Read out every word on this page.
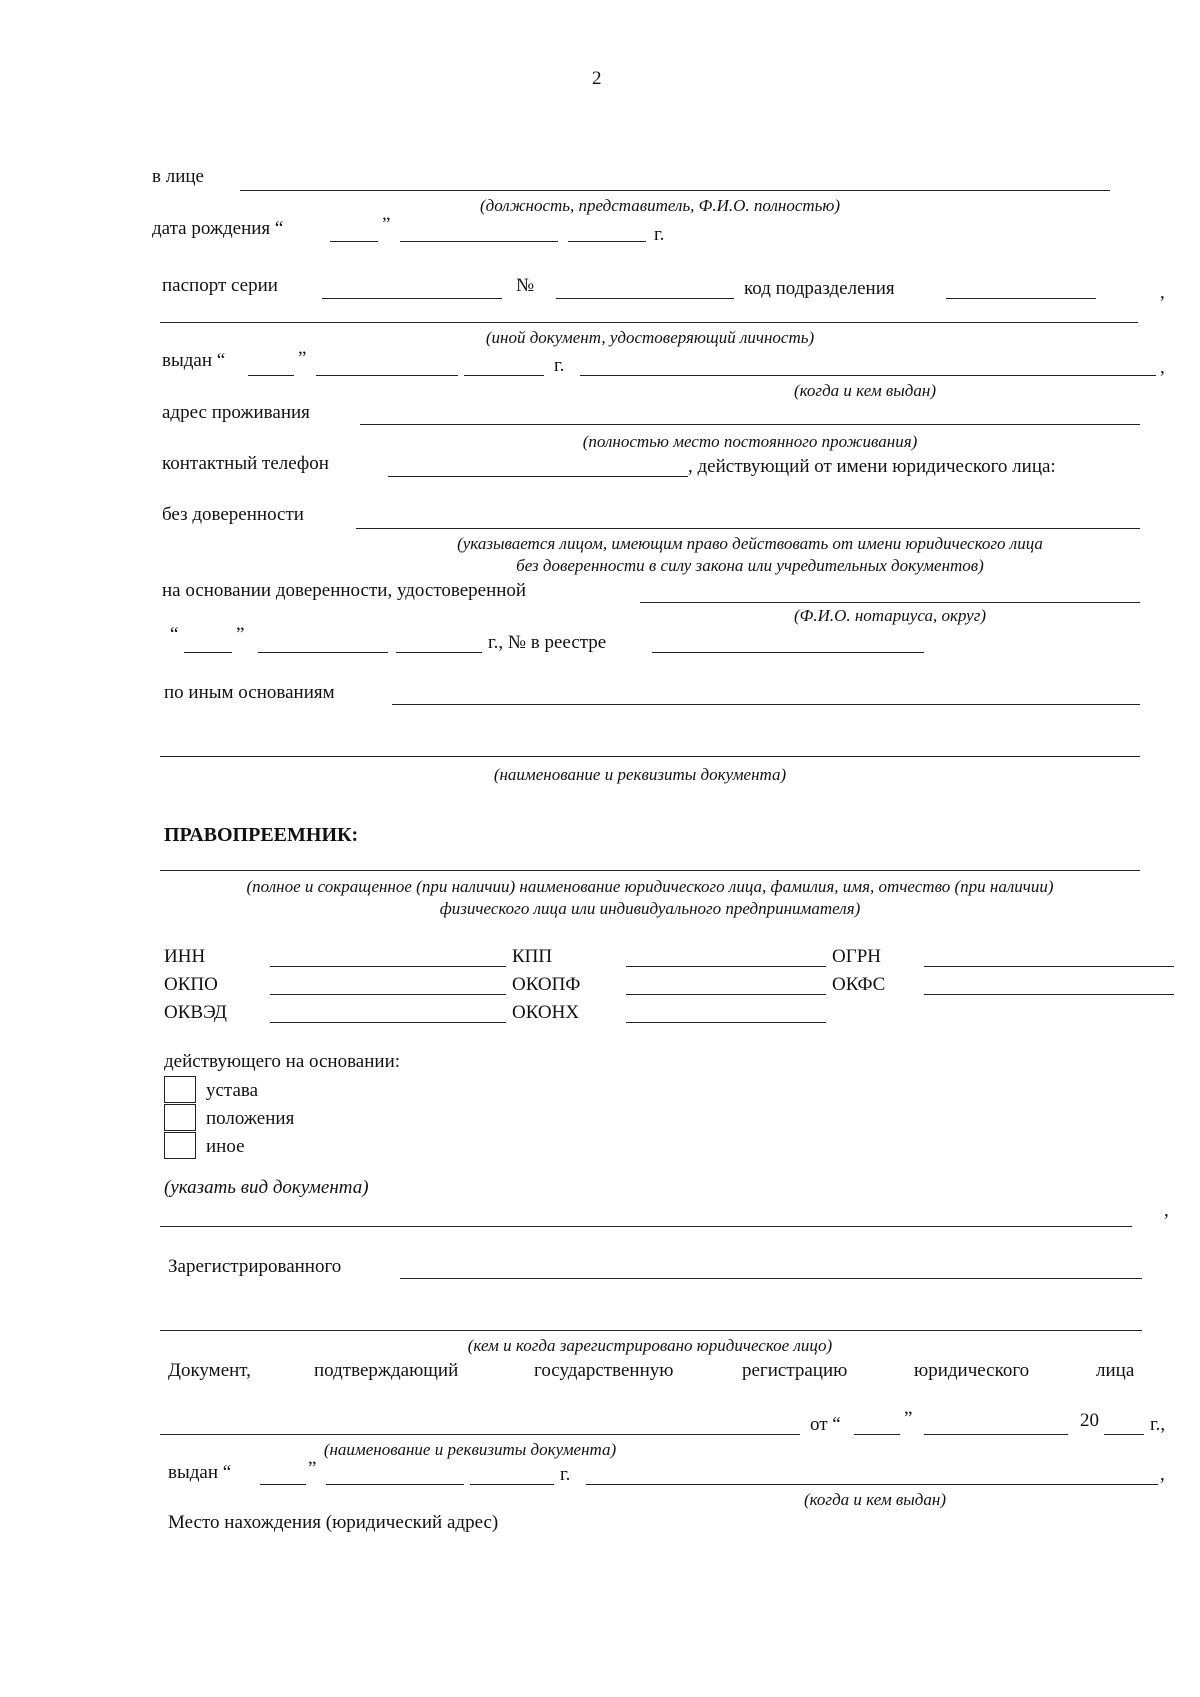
2
в лице
(должность, представитель, Ф.И.О. полностью)
дата рождения “	”	г.
паспорт серии	№	код подразделения	,
(иной документ, удостоверяющий личность)
выдан “	”	г.	,
(когда и кем выдан)
адрес проживания
(полностью место постоянного проживания)
контактный телефон	, действующий от имени юридического лица:
без доверенности
(указывается лицом, имеющим право действовать от имени юридического лица
без доверенности в силу закона или учредительных документов)
на основании доверенности, удостоверенной
(Ф.И.О. нотариуса, округ)
“	”	г., № в реестре
по иным основаниям
(наименование и реквизиты документа)
ПРАВОПРЕЕМНИК:
(полное и сокращенное (при наличии) наименование юридического лица, фамилия, имя, отчество (при наличии)
физического лица или индивидуального предпринимателя)
ИНН	КПП	ОГРН
ОКПО	ОКОПФ	ОКФС
ОКВЭД	ОКОНХ
действующего на основании:
устава
положения
иное
(указать вид документа)
,
Зарегистрированного
(кем и когда зарегистрировано юридическое лицо)
Документ,	подтверждающий	государственную	регистрацию	юридического	лица
от “	”	20	г.,
(наименование и реквизиты документа)
выдан “	”	г.	,
(когда и кем выдан)
Место нахождения (юридический адрес)
